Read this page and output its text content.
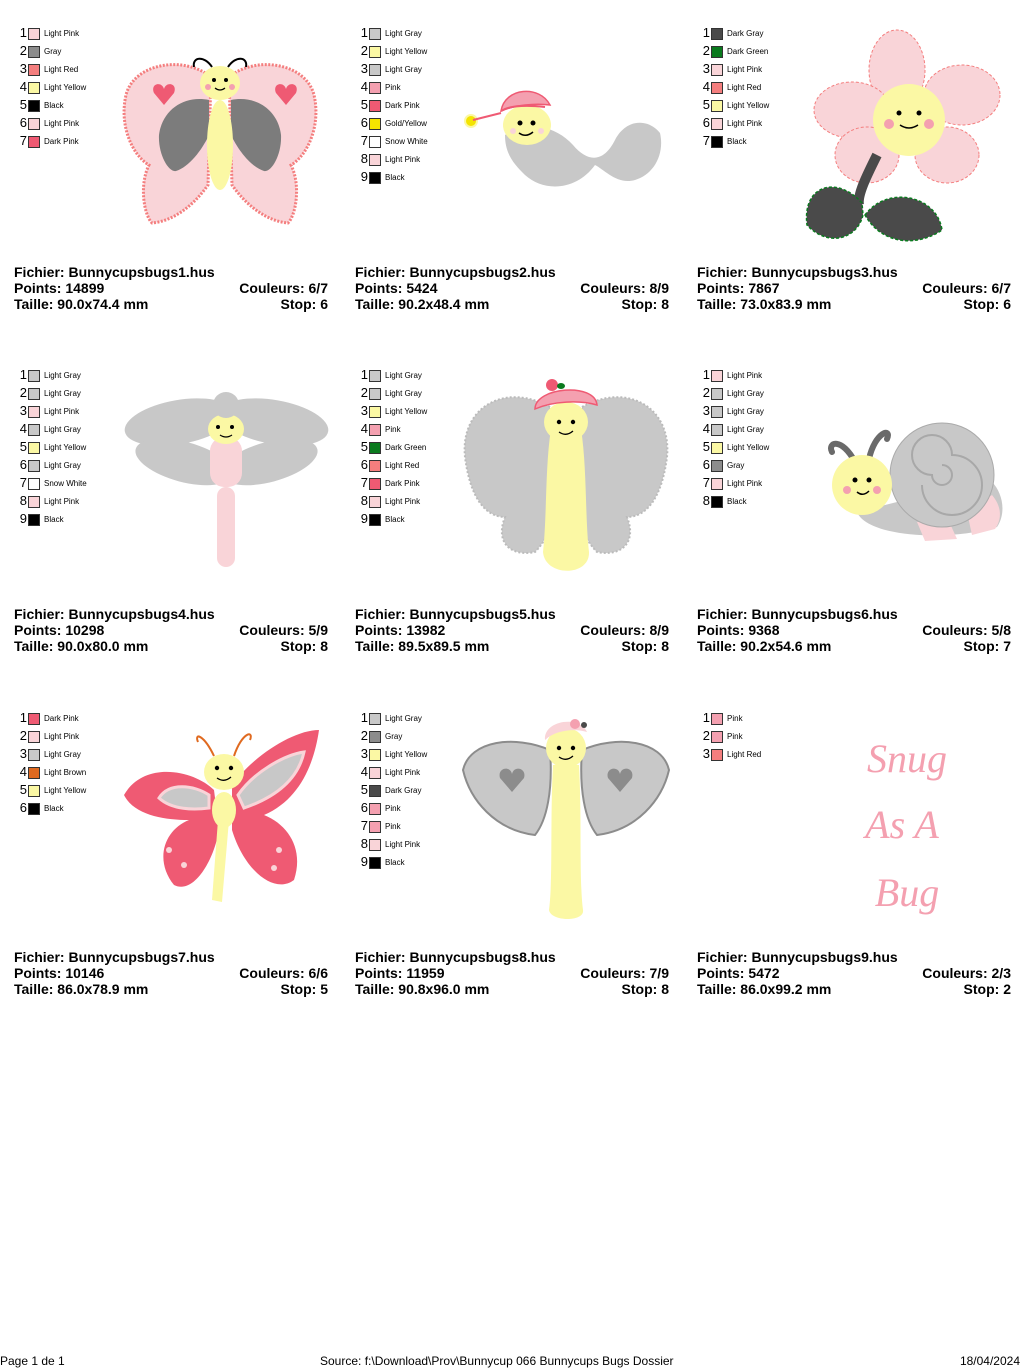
1 Light Pink
2 Gray
3 Light Red
4 Light Yellow
5 Black
6 Light Pink
7 Dark Pink
Fichier: Bunnycupsbugs1.hus
Points: 14899	Couleurs: 6/7
Taille: 90.0x74.4 mm	Stop: 6
1 Light Gray
2 Light Yellow
3 Light Gray
4 Pink
5 Dark Pink
6 Gold/Yellow
7 Snow White
8 Light Pink
9 Black
Fichier: Bunnycupsbugs2.hus
Points: 5424	Couleurs: 8/9
Taille: 90.2x48.4 mm	Stop: 8
1 Dark Gray
2 Dark Green
3 Light Pink
4 Light Red
5 Light Yellow
6 Light Pink
7 Black
Fichier: Bunnycupsbugs3.hus
Points: 7867	Couleurs: 6/7
Taille: 73.0x83.9 mm	Stop: 6
1 Light Gray
2 Light Gray
3 Light Pink
4 Light Gray
5 Light Yellow
6 Light Gray
7 Snow White
8 Light Pink
9 Black
Fichier: Bunnycupsbugs4.hus
Points: 10298	Couleurs: 5/9
Taille: 90.0x80.0 mm	Stop: 8
1 Light Gray
2 Light Gray
3 Light Yellow
4 Pink
5 Dark Green
6 Light Red
7 Dark Pink
8 Light Pink
9 Black
Fichier: Bunnycupsbugs5.hus
Points: 13982	Couleurs: 8/9
Taille: 89.5x89.5 mm	Stop: 8
1 Light Pink
2 Light Gray
3 Light Gray
4 Light Gray
5 Light Yellow
6 Gray
7 Light Pink
8 Black
Fichier: Bunnycupsbugs6.hus
Points: 9368	Couleurs: 5/8
Taille: 90.2x54.6 mm	Stop: 7
1 Dark Pink
2 Light Pink
3 Light Gray
4 Light Brown
5 Light Yellow
6 Black
Fichier: Bunnycupsbugs7.hus
Points: 10146	Couleurs: 6/6
Taille: 86.0x78.9 mm	Stop: 5
1 Light Gray
2 Gray
3 Light Yellow
4 Light Pink
5 Dark Gray
6 Pink
7 Pink
8 Light Pink
9 Black
Fichier: Bunnycupsbugs8.hus
Points: 11959	Couleurs: 7/9
Taille: 90.8x96.0 mm	Stop: 8
1 Pink
2 Pink
3 Light Red	Snug
As A
Bug
Fichier: Bunnycupsbugs9.hus
Points: 5472	Couleurs: 2/3
Taille: 86.0x99.2 mm	Stop: 2
Page 1 de 1	Source: f:\Download\Prov\Bunnycup 066 Bunnycups Bugs Dossier	18/04/2024
